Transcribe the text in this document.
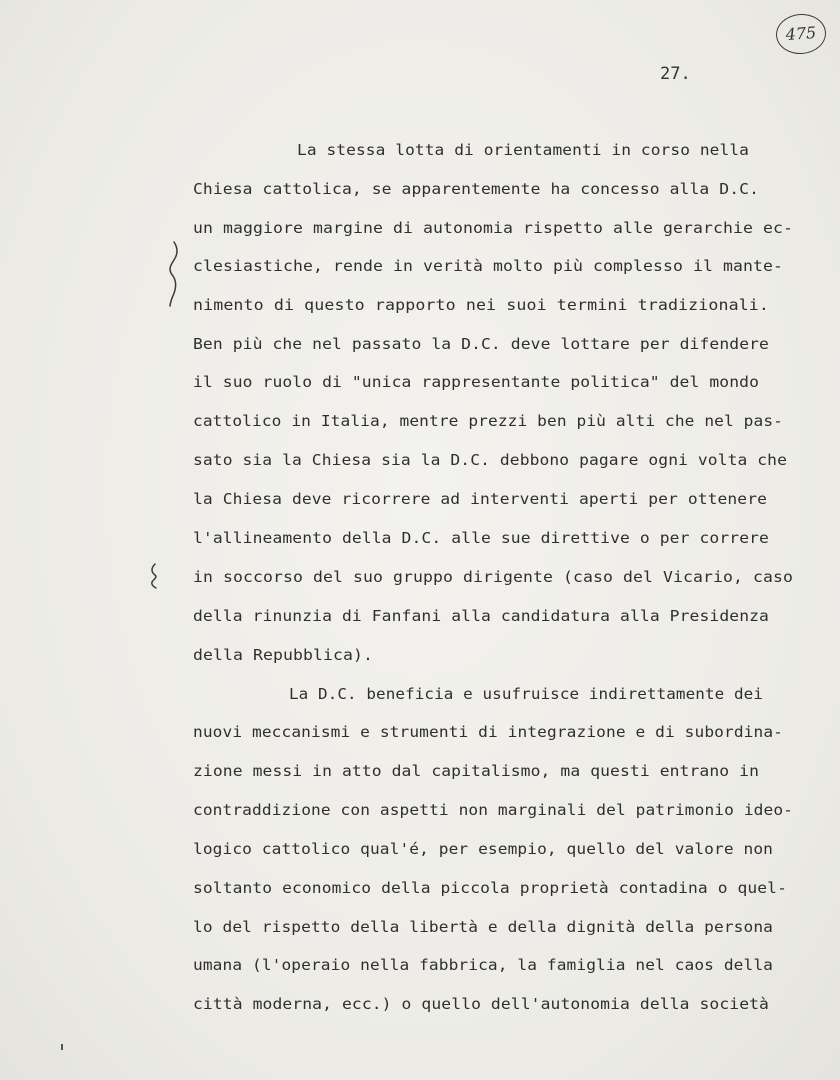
475
27.
La stessa lotta di orientamenti in corso nella
Chiesa cattolica, se apparentemente ha concesso alla D.C.
un maggiore margine di autonomia rispetto alle gerarchie ec-
clesiastiche, rende in verità molto più complesso il mante-
nimento di questo rapporto nei suoi termini tradizionali.
Ben più che nel passato la D.C. deve lottare per difendere
il suo ruolo di "unica rappresentante politica" del mondo
cattolico in Italia, mentre prezzi ben più alti che nel pas-
sato sia la Chiesa sia la D.C. debbono pagare ogni volta che
la Chiesa deve ricorrere ad interventi aperti per ottenere
l'allineamento della D.C. alle sue direttive o per correre
in soccorso del suo gruppo dirigente (caso del Vicario, caso
della rinunzia di Fanfani alla candidatura alla Presidenza
della Repubblica).
La D.C. beneficia e usufruisce indirettamente dei
nuovi meccanismi e strumenti di integrazione e di subordina-
zione messi in atto dal capitalismo, ma questi entrano in
contraddizione con aspetti non marginali del patrimonio ideo-
logico cattolico qual'é, per esempio, quello del valore non
soltanto economico della piccola proprietà contadina o quel-
lo del rispetto della libertà e della dignità della persona
umana (l'operaio nella fabbrica, la famiglia nel caos della
città moderna, ecc.) o quello dell'autonomia della società
